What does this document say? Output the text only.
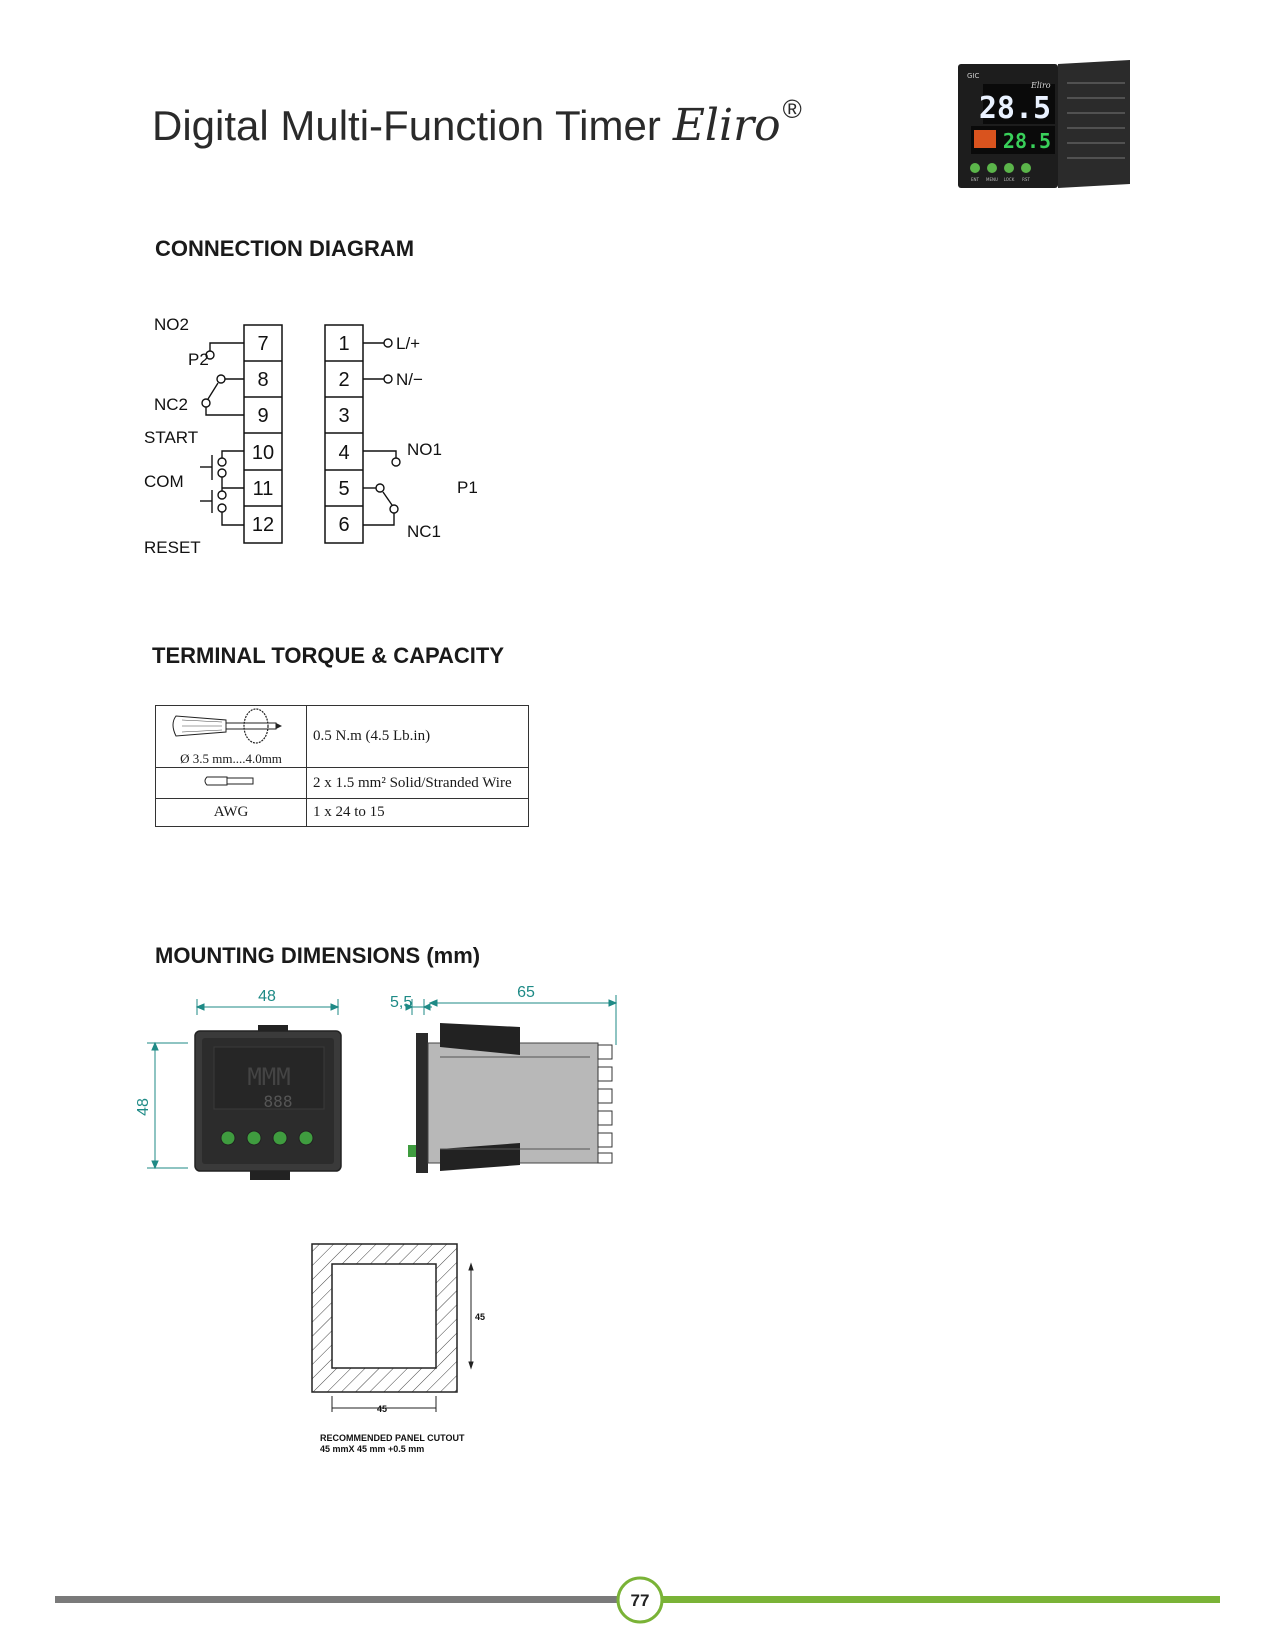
Digital Multi-Function Timer Eliro®	28.5
28.5
GIC
Eliro
ENT MENU LOCK RST
CONNECTION DIAGRAM
7
8
9
10
11
12
1
2
3
4
5
6
NO2
P2
NC2
START
COM
RESET
L/+
N/−
NO1
P1
NC1
TERMINAL TORQUE & CAPACITY
Ø 3.5 mm....4.0mm	0.5 N.m (4.5 Lb.in)
	2 x 1.5 mm² Solid/Stranded Wire
AWG	1 x 24 to 15
MOUNTING DIMENSIONS (mm)
48
48
MMM
888
5,5
65
45
45
RECOMMENDED PANEL CUTOUT
45 mmX 45 mm +0.5 mm
77
